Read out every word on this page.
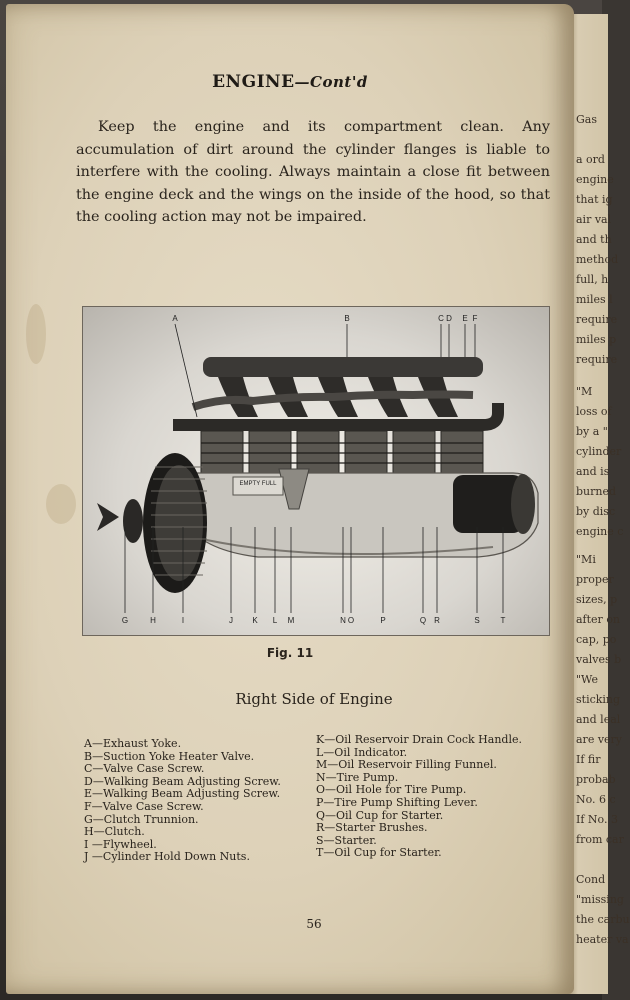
Gas
a ord
engine
that ig
air val
and th
method
full, h
miles l
require
miles p
require
"M
loss of
by a "
cylinder
and is
burned
by disc
engine c
"Mi
proper
sizes, p
after on
cap, po
valves b
"We
sticking
and leal
are very
If fir
probab
No. 6 c
If No. 3
from car
Cond
"missing
the carbu
heater va
ENGINE—Cont'd
Keep the engine and its compartment clean. Any accumulation of dirt around the cylinder flanges is liable to interfere with the cooling. Always maintain a close fit between the engine deck and the wings on the inside of the hood, so that the cooling action may not be impaired.
EMPTY FULL
A	B	C D E F
G	H	I	J K L M	N O	P	Q R	S	T
Fig. 11
Right Side of Engine
A—Exhaust Yoke.
B—Suction Yoke Heater Valve.
C—Valve Case Screw.
D—Walking Beam Adjusting Screw.
E—Walking Beam Adjusting Screw.
F—Valve Case Screw.
G—Clutch Trunnion.
H—Clutch.
I —Flywheel.
J —Cylinder Hold Down Nuts.
K—Oil Reservoir Drain Cock Handle.
L—Oil Indicator.
M—Oil Reservoir Filling Funnel.
N—Tire Pump.
O—Oil Hole for Tire Pump.
P—Tire Pump Shifting Lever.
Q—Oil Cup for Starter.
R—Starter Brushes.
S—Starter.
T—Oil Cup for Starter.
56
